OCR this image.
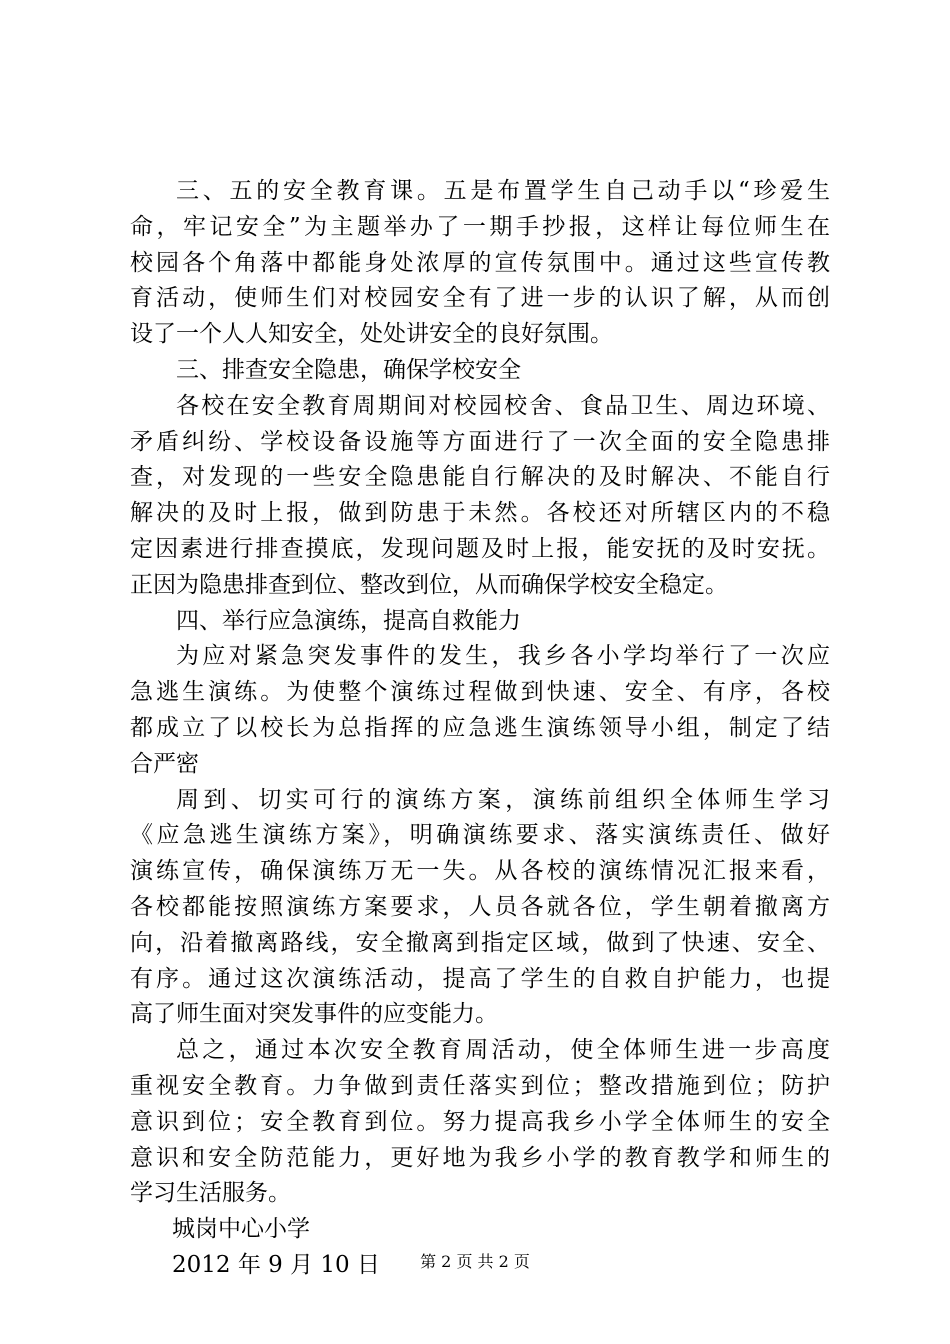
三、五的安全教育课。五是布置学生自己动手以“珍爱生
命，牢记安全”为主题举办了一期手抄报，这样让每位师生在
校园各个角落中都能身处浓厚的宣传氛围中。通过这些宣传教
育活动，使师生们对校园安全有了进一步的认识了解，从而创
设了一个人人知安全，处处讲安全的良好氛围。
三、排查安全隐患，确保学校安全
各校在安全教育周期间对校园校舍、食品卫生、周边环境、
矛盾纠纷、学校设备设施等方面进行了一次全面的安全隐患排
查，对发现的一些安全隐患能自行解决的及时解决、不能自行
解决的及时上报，做到防患于未然。各校还对所辖区内的不稳
定因素进行排查摸底，发现问题及时上报，能安抚的及时安抚。
正因为隐患排查到位、整改到位，从而确保学校安全稳定。
四、举行应急演练，提高自救能力
为应对紧急突发事件的发生，我乡各小学均举行了一次应
急逃生演练。为使整个演练过程做到快速、安全、有序，各校
都成立了以校长为总指挥的应急逃生演练领导小组，制定了结
合严密
周到、切实可行的演练方案，演练前组织全体师生学习
《应急逃生演练方案》，明确演练要求、落实演练责任、做好
演练宣传，确保演练万无一失。从各校的演练情况汇报来看，
各校都能按照演练方案要求，人员各就各位，学生朝着撤离方
向，沿着撤离路线，安全撤离到指定区域，做到了快速、安全、
有序。通过这次演练活动，提高了学生的自救自护能力，也提
高了师生面对突发事件的应变能力。
总之，通过本次安全教育周活动，使全体师生进一步高度
重视安全教育。力争做到责任落实到位；整改措施到位；防护
意识到位；安全教育到位。努力提高我乡小学全体师生的安全
意识和安全防范能力，更好地为我乡小学的教育教学和师生的
学习生活服务。
城岗中心小学
2012 年 9 月 10 日	第 2 页 共 2 页
